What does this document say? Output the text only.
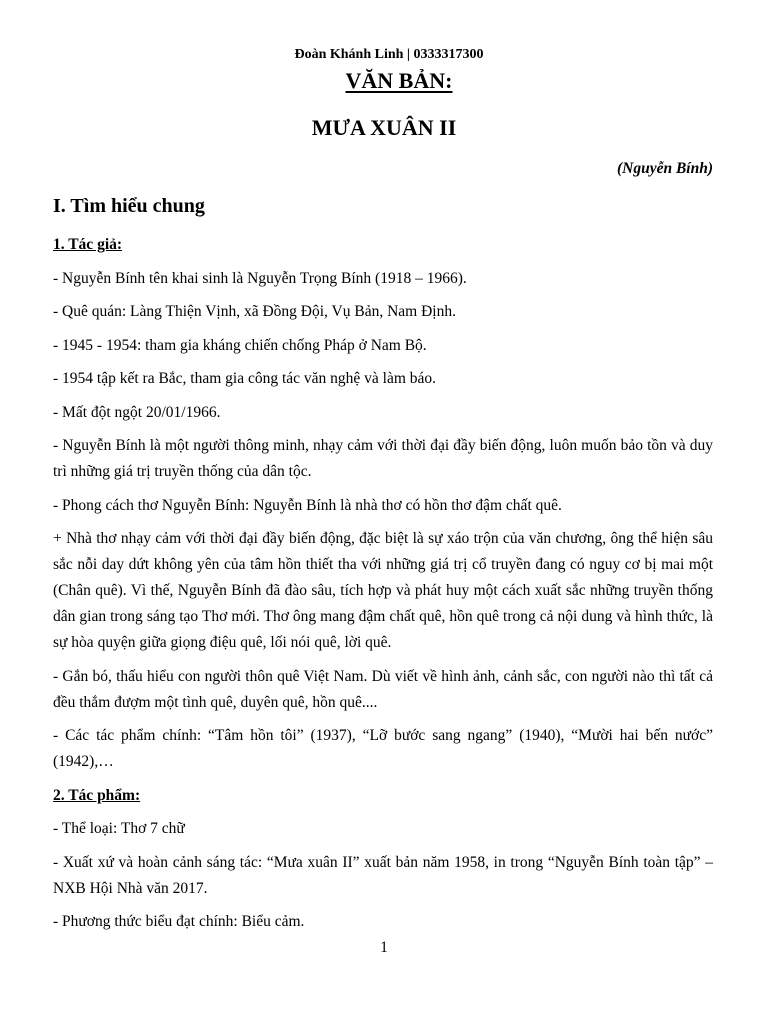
Đoàn Khánh Linh | 0333317300
VĂN BẢN:
MƯA XUÂN II
(Nguyễn Bính)
I. Tìm hiểu chung

1. Tác giả:

- Nguyễn Bính tên khai sinh là Nguyễn Trọng Bính (1918 – 1966).

- Quê quán: Làng Thiện Vịnh, xã Đồng Đội, Vụ Bản, Nam Định.

- 1945 - 1954: tham gia kháng chiến chống Pháp ở Nam Bộ.

- 1954 tập kết ra Bắc, tham gia công tác văn nghệ và làm báo.

- Mất đột ngột 20/01/1966.

- Nguyễn Bính là một người thông minh, nhạy cảm với thời đại đầy biến động, luôn muốn bảo tồn và duy trì những giá trị truyền thống của dân tộc.

- Phong cách thơ Nguyễn Bính: Nguyễn Bính là nhà thơ có hồn thơ đậm chất quê.

+ Nhà thơ nhạy cảm với thời đại đầy biến động, đặc biệt là sự xáo trộn của văn chương, ông thể hiện sâu sắc nỗi day dứt không yên của tâm hồn thiết tha với những giá trị cổ truyền đang có nguy cơ bị mai một (Chân quê). Vì thế, Nguyễn Bính đã đào sâu, tích hợp và phát huy một cách xuất sắc những truyền thống dân gian trong sáng tạo Thơ mới. Thơ ông mang đậm chất quê, hồn quê trong cả nội dung và hình thức, là sự hòa quyện giữa giọng điệu quê, lối nói quê, lời quê.

- Gắn bó, thấu hiểu con người thôn quê Việt Nam. Dù viết về hình ảnh, cảnh sắc, con người nào thì tất cả đều thắm đượm một tình quê, duyên quê, hồn quê....

- Các tác phẩm chính: “Tâm hồn tôi” (1937), “Lỡ bước sang ngang” (1940), “Mười hai bến nước” (1942),…

2. Tác phẩm:

- Thể loại: Thơ 7 chữ

- Xuất xứ và hoàn cảnh sáng tác: “Mưa xuân II” xuất bản năm 1958, in trong “Nguyễn Bính toàn tập” – NXB Hội Nhà văn 2017.

- Phương thức biểu đạt chính: Biểu cảm.

1
